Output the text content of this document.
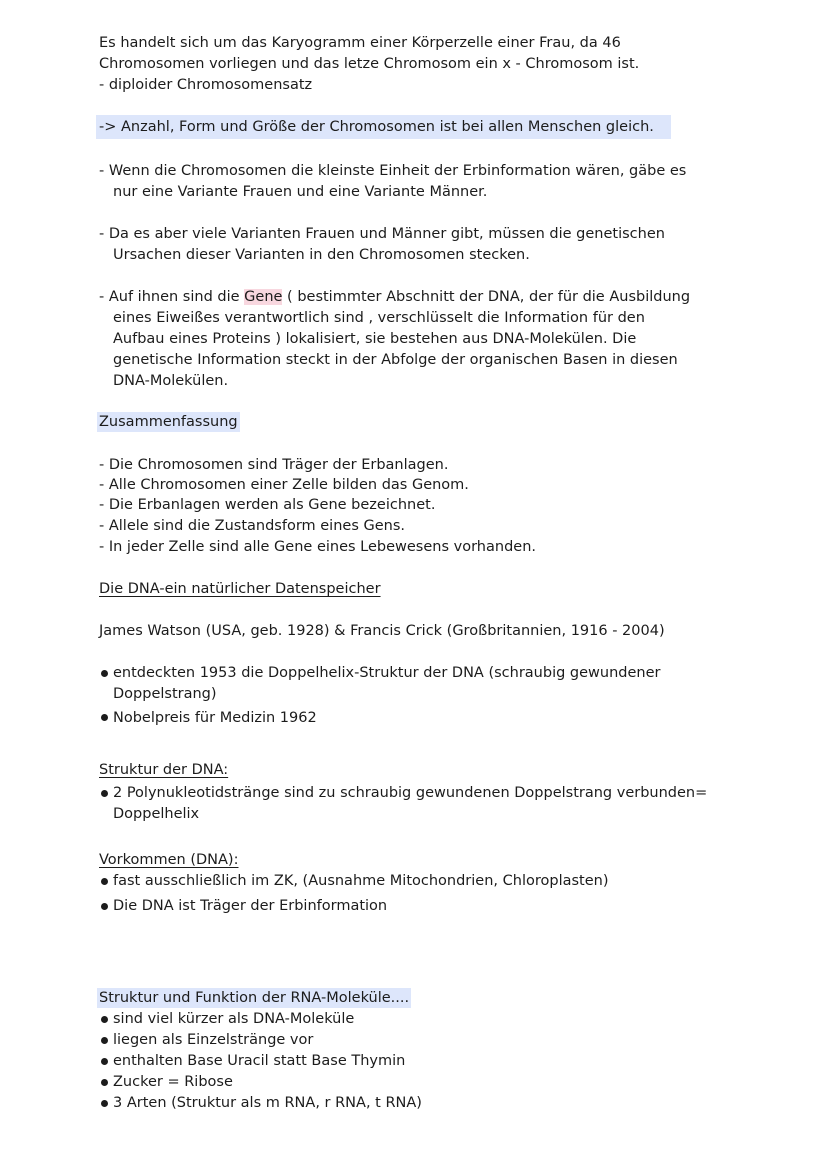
Es handelt sich um das Karyogramm einer Körperzelle einer Frau, da 46
Chromosomen vorliegen und das letze Chromosom ein x - Chromosom ist.
- diploider Chromosomensatz
-> Anzahl, Form und Größe der Chromosomen ist bei allen Menschen gleich.
- Wenn die Chromosomen die kleinste Einheit der Erbinformation wären, gäbe es
nur eine Variante Frauen und eine Variante Männer.
- Da es aber viele Varianten Frauen und Männer gibt, müssen die genetischen
Ursachen dieser Varianten in den Chromosomen stecken.
- Auf ihnen sind die Gene ( bestimmter Abschnitt der DNA, der für die Ausbildung
eines Eiweißes verantwortlich sind , verschlüsselt die Information für den
Aufbau eines Proteins ) lokalisiert, sie bestehen aus DNA-Molekülen. Die
genetische Information steckt in der Abfolge der organischen Basen in diesen
DNA-Molekülen.
Zusammenfassung
- Die Chromosomen sind Träger der Erbanlagen.
- Alle Chromosomen einer Zelle bilden das Genom.
- Die Erbanlagen werden als Gene bezeichnet.
- Allele sind die Zustandsform eines Gens.
- In jeder Zelle sind alle Gene eines Lebewesens vorhanden.
Die DNA-ein natürlicher Datenspeicher
James Watson (USA, geb. 1928) & Francis Crick (Großbritannien, 1916 - 2004)
entdeckten 1953 die Doppelhelix-Struktur der DNA (schraubig gewundener
Doppelstrang)
Nobelpreis für Medizin 1962
Struktur der DNA:
2 Polynukleotidstränge sind zu schraubig gewundenen Doppelstrang verbunden=
Doppelhelix
Vorkommen (DNA):
fast ausschließlich im ZK, (Ausnahme Mitochondrien, Chloroplasten)
Die DNA ist Träger der Erbinformation
Struktur und Funktion der RNA-Moleküle....
sind viel kürzer als DNA-Moleküle
liegen als Einzelstränge vor
enthalten Base Uracil statt Base Thymin
Zucker = Ribose
3 Arten (Struktur als m RNA, r RNA, t RNA)
